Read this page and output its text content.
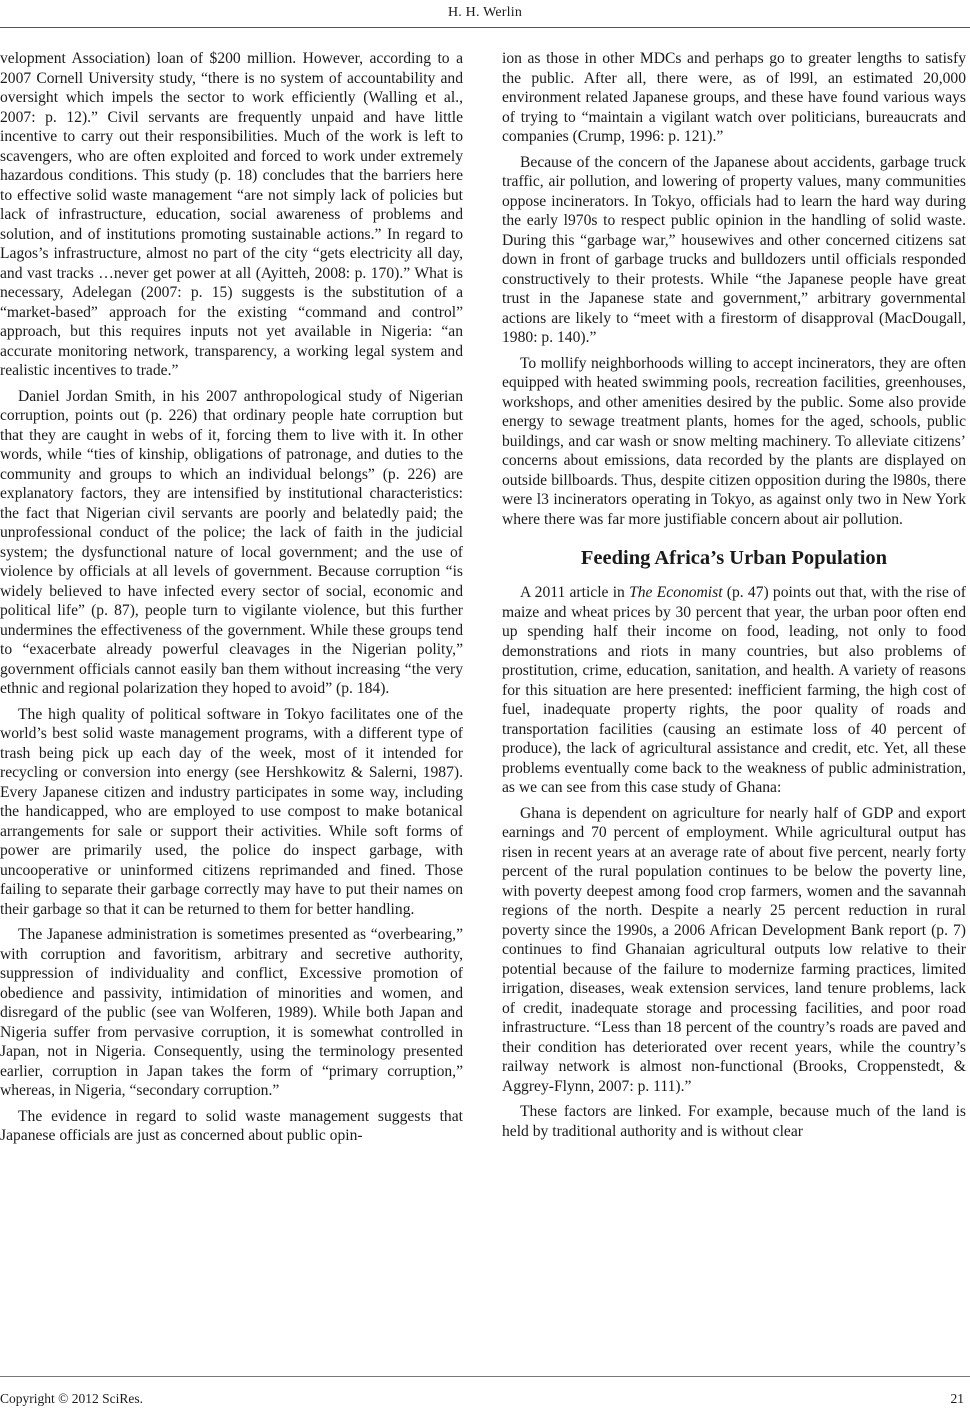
H. H. Werlin

velopment Association) loan of $200 million. However, according to a 2007 Cornell University study, “there is no system of accountability and oversight which impels the sector to work efficiently (Walling et al., 2007: p. 12).” Civil servants are frequently unpaid and have little incentive to carry out their responsibilities. Much of the work is left to scavengers, who are often exploited and forced to work under extremely hazardous conditions. This study (p. 18) concludes that the barriers here to effective solid waste management “are not simply lack of policies but lack of infrastructure, education, social awareness of problems and solution, and of institutions promoting sustainable actions.” In regard to Lagos’s infrastructure, almost no part of the city “gets electricity all day, and vast tracks …never get power at all (Ayitteh, 2008: p. 170).” What is necessary, Adelegan (2007: p. 15) suggests is the substitution of a “market-based” approach for the existing “command and control” approach, but this requires inputs not yet available in Nigeria: “an accurate monitoring network, transparency, a working legal system and realistic incentives to trade.”

Daniel Jordan Smith, in his 2007 anthropological study of Nigerian corruption, points out (p. 226) that ordinary people hate corruption but that they are caught in webs of it, forcing them to live with it. In other words, while “ties of kinship, obligations of patronage, and duties to the community and groups to which an individual belongs” (p. 226) are explanatory factors, they are intensified by institutional characteristics: the fact that Nigerian civil servants are poorly and belatedly paid; the unprofessional conduct of the police; the lack of faith in the judicial system; the dysfunctional nature of local government; and the use of violence by officials at all levels of government. Because corruption “is widely believed to have infected every sector of social, economic and political life” (p. 87), people turn to vigilante violence, but this further undermines the effectiveness of the government. While these groups tend to “exacerbate already powerful cleavages in the Nigerian polity,” government officials cannot easily ban them without increasing “the very ethnic and regional polarization they hoped to avoid” (p. 184).

The high quality of political software in Tokyo facilitates one of the world’s best solid waste management programs, with a different type of trash being pick up each day of the week, most of it intended for recycling or conversion into energy (see Hershkowitz & Salerni, 1987). Every Japanese citizen and industry participates in some way, including the handicapped, who are employed to use compost to make botanical arrangements for sale or support their activities. While soft forms of power are primarily used, the police do inspect garbage, with uncooperative or uninformed citizens reprimanded and fined. Those failing to separate their garbage correctly may have to put their names on their garbage so that it can be returned to them for better handling.

The Japanese administration is sometimes presented as “overbearing,” with corruption and favoritism, arbitrary and secretive authority, suppression of individuality and conflict, Excessive promotion of obedience and passivity, intimidation of minorities and women, and disregard of the public (see van Wolferen, 1989). While both Japan and Nigeria suffer from pervasive corruption, it is somewhat controlled in Japan, not in Nigeria. Consequently, using the terminology presented earlier, corruption in Japan takes the form of “primary corruption,” whereas, in Nigeria, “secondary corruption.”

The evidence in regard to solid waste management suggests that Japanese officials are just as concerned about public opin-

ion as those in other MDCs and perhaps go to greater lengths to satisfy the public. After all, there were, as of l99l, an estimated 20,000 environment related Japanese groups, and these have found various ways of trying to “maintain a vigilant watch over politicians, bureaucrats and companies (Crump, 1996: p. 121).”

Because of the concern of the Japanese about accidents, garbage truck traffic, air pollution, and lowering of property values, many communities oppose incinerators. In Tokyo, officials had to learn the hard way during the early l970s to respect public opinion in the handling of solid waste. During this “garbage war,” housewives and other concerned citizens sat down in front of garbage trucks and bulldozers until officials responded constructively to their protests. While “the Japanese people have great trust in the Japanese state and government,” arbitrary governmental actions are likely to “meet with a firestorm of disapproval (MacDougall, 1980: p. 140).”

To mollify neighborhoods willing to accept incinerators, they are often equipped with heated swimming pools, recreation facilities, greenhouses, workshops, and other amenities desired by the public. Some also provide energy to sewage treatment plants, homes for the aged, schools, public buildings, and car wash or snow melting machinery. To alleviate citizens’ concerns about emissions, data recorded by the plants are displayed on outside billboards. Thus, despite citizen opposition during the l980s, there were l3 incinerators operating in Tokyo, as against only two in New York where there was far more justifiable concern about air pollution.

Feeding Africa’s Urban Population

A 2011 article in The Economist (p. 47) points out that, with the rise of maize and wheat prices by 30 percent that year, the urban poor often end up spending half their income on food, leading, not only to food demonstrations and riots in many countries, but also problems of prostitution, crime, education, sanitation, and health. A variety of reasons for this situation are here presented: inefficient farming, the high cost of fuel, inadequate property rights, the poor quality of roads and transportation facilities (causing an estimate loss of 40 percent of produce), the lack of agricultural assistance and credit, etc. Yet, all these problems eventually come back to the weakness of public administration, as we can see from this case study of Ghana:

Ghana is dependent on agriculture for nearly half of GDP and export earnings and 70 percent of employment. While agricultural output has risen in recent years at an average rate of about five percent, nearly forty percent of the rural population continues to be below the poverty line, with poverty deepest among food crop farmers, women and the savannah regions of the north. Despite a nearly 25 percent reduction in rural poverty since the 1990s, a 2006 African Development Bank report (p. 7) continues to find Ghanaian agricultural outputs low relative to their potential because of the failure to modernize farming practices, limited irrigation, diseases, weak extension services, land tenure problems, lack of credit, inadequate storage and processing facilities, and poor road infrastructure. “Less than 18 percent of the country’s roads are paved and their condition has deteriorated over recent years, while the country’s railway network is almost non-functional (Brooks, Croppenstedt, & Aggrey-Flynn, 2007: p. 111).”

These factors are linked. For example, because much of the land is held by traditional authority and is without clear

Copyright © 2012 SciRes.	21
